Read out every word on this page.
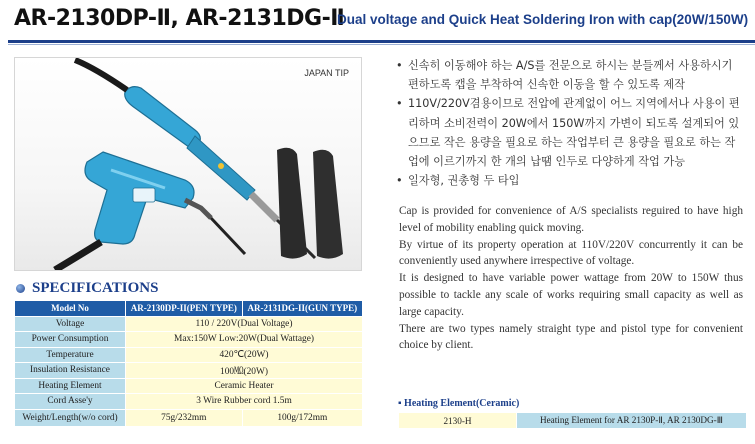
AR-2130DP-Ⅱ, AR-2131DG-Ⅱ
Dual voltage and Quick Heat Soldering Iron with cap(20W/150W)
JAPAN TIP
SPECIFICATIONS
Model No	AR-2130DP-II(PEN TYPE)	AR-2131DG-II(GUN TYPE)
Voltage	110 / 220V(Dual Voltage)	
Power Consumption	Max:150W Low:20W(Dual Wattage)	
Temperature	420℃(20W)	
Insulation Resistance	100㏁(20W)	
Heating Element	Ceramic Heater	
Cord Asse'y	3 Wire Rubber cord 1.5m	
Weight/Length(w/o cord)	75g/232mm	100g/172mm
• 신속히 이동해야 하는 A/S를 전문으로 하시는 분들께서 사용하시기 편하도록 캡을 부착하여 신속한 이동을 할 수 있도록 제작
• 110V/220V겸용이므로 전압에 관계없이 어느 지역에서나 사용이 편리하며 소비전력이 20W에서 150W까지 가변이 되도록 설계되어 있으므로 작은 용량을 필요로 하는 작업부터 큰 용량을 필요로 하는 작업에 이르기까지 한 개의 납땜 인두로 다양하게 작업 가능
• 일자형, 권총형 두 타입

Cap is provided for convenience of A/S specialists reguired to have high level of mobility enabling quick moving.

By virtue of its property operation at 110V/220V concurrently it can be conveniently used anywhere irrespective of voltage.

It is designed to have variable power wattage from 20W to 150W thus possible to tackle any scale of works requiring small capacity as well as large capacity.

There are two types namely straight type and pistol type for convenient choice by client.

▪ Heating Element(Ceramic)
2130-H	Heating Element for AR 2130P-Ⅱ, AR 2130DG-Ⅲ
